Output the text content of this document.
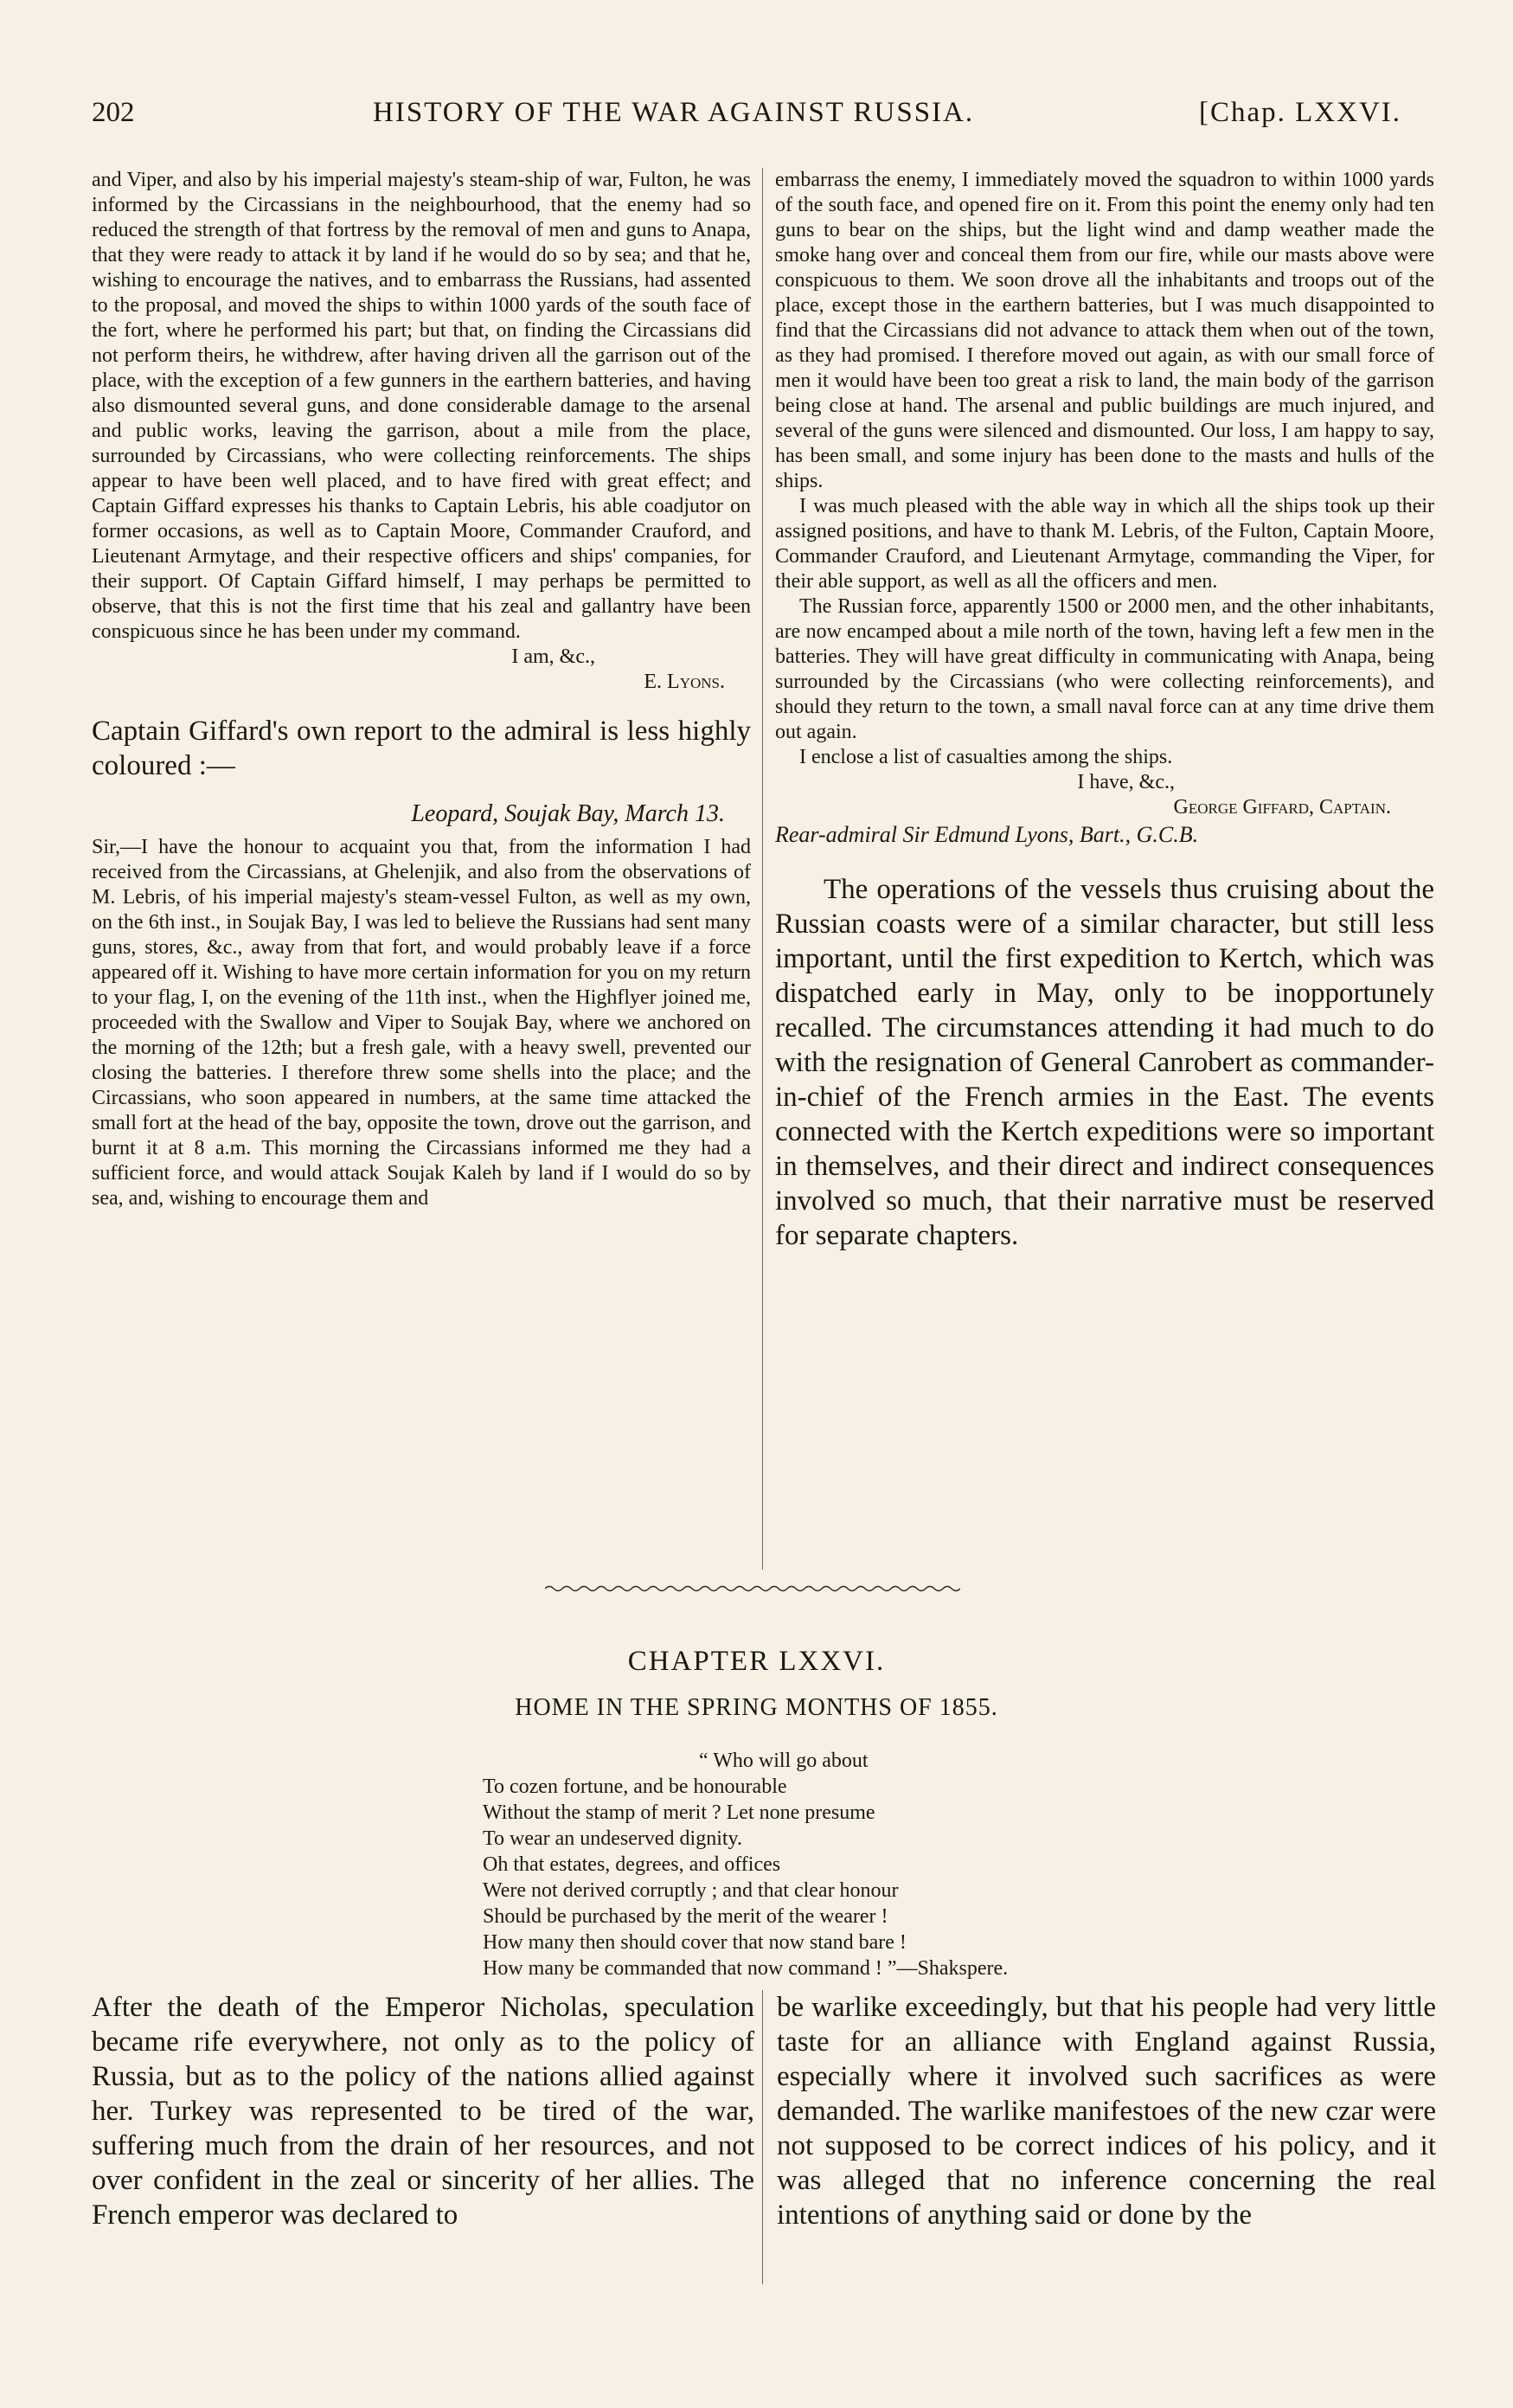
202	HISTORY OF THE WAR AGAINST RUSSIA.	[Chap. LXXVI.

and Viper, and also by his imperial majesty's steam-ship of war, Fulton, he was informed by the Circassians in the neighbourhood, that the enemy had so reduced the strength of that fortress by the removal of men and guns to Anapa, that they were ready to attack it by land if he would do so by sea; and that he, wishing to encourage the natives, and to embarrass the Russians, had assented to the proposal, and moved the ships to within 1000 yards of the south face of the fort, where he performed his part; but that, on finding the Circassians did not perform theirs, he withdrew, after having driven all the garrison out of the place, with the exception of a few gunners in the earthern batteries, and having also dismounted several guns, and done considerable damage to the arsenal and public works, leaving the garrison, about a mile from the place, surrounded by Circassians, who were collecting reinforcements. The ships appear to have been well placed, and to have fired with great effect; and Captain Giffard expresses his thanks to Captain Lebris, his able coadjutor on former occasions, as well as to Captain Moore, Commander Crauford, and Lieutenant Armytage, and their respective officers and ships' companies, for their support. Of Captain Giffard himself, I may perhaps be permitted to observe, that this is not the first time that his zeal and gallantry have been conspicuous since he has been under my command.

I am, &c.,

E. Lyons.

Captain Giffard's own report to the admiral is less highly coloured :—

Leopard, Soujak Bay, March 13.

Sir,—I have the honour to acquaint you that, from the information I had received from the Circassians, at Ghelenjik, and also from the observations of M. Lebris, of his imperial majesty's steam-vessel Fulton, as well as my own, on the 6th inst., in Soujak Bay, I was led to believe the Russians had sent many guns, stores, &c., away from that fort, and would probably leave if a force appeared off it. Wishing to have more certain information for you on my return to your flag, I, on the evening of the 11th inst., when the Highflyer joined me, proceeded with the Swallow and Viper to Soujak Bay, where we anchored on the morning of the 12th; but a fresh gale, with a heavy swell, prevented our closing the batteries. I therefore threw some shells into the place; and the Circassians, who soon appeared in numbers, at the same time attacked the small fort at the head of the bay, opposite the town, drove out the garrison, and burnt it at 8 a.m. This morning the Circassians informed me they had a sufficient force, and would attack Soujak Kaleh by land if I would do so by sea, and, wishing to encourage them and

embarrass the enemy, I immediately moved the squadron to within 1000 yards of the south face, and opened fire on it. From this point the enemy only had ten guns to bear on the ships, but the light wind and damp weather made the smoke hang over and conceal them from our fire, while our masts above were conspicuous to them. We soon drove all the inhabitants and troops out of the place, except those in the earthern batteries, but I was much disappointed to find that the Circassians did not advance to attack them when out of the town, as they had promised. I therefore moved out again, as with our small force of men it would have been too great a risk to land, the main body of the garrison being close at hand. The arsenal and public buildings are much injured, and several of the guns were silenced and dismounted. Our loss, I am happy to say, has been small, and some injury has been done to the masts and hulls of the ships.

I was much pleased with the able way in which all the ships took up their assigned positions, and have to thank M. Lebris, of the Fulton, Captain Moore, Commander Crauford, and Lieutenant Armytage, commanding the Viper, for their able support, as well as all the officers and men.

The Russian force, apparently 1500 or 2000 men, and the other inhabitants, are now encamped about a mile north of the town, having left a few men in the batteries. They will have great difficulty in communicating with Anapa, being surrounded by the Circassians (who were collecting reinforcements), and should they return to the town, a small naval force can at any time drive them out again.

I enclose a list of casualties among the ships.

I have, &c.,

George Giffard, Captain.

Rear-admiral Sir Edmund Lyons, Bart., G.C.B.

The operations of the vessels thus cruising about the Russian coasts were of a similar character, but still less important, until the first expedition to Kertch, which was dispatched early in May, only to be inopportunely recalled. The circumstances attending it had much to do with the resignation of General Canrobert as commander-in-chief of the French armies in the East. The events connected with the Kertch expeditions were so important in themselves, and their direct and indirect consequences involved so much, that their narrative must be reserved for separate chapters.

CHAPTER LXXVI.
HOME IN THE SPRING MONTHS OF 1855.
“ Who will go about
To cozen fortune, and be honourable
Without the stamp of merit ? Let none presume
To wear an undeserved dignity.
Oh that estates, degrees, and offices
Were not derived corruptly ; and that clear honour
Should be purchased by the merit of the wearer !
How many then should cover that now stand bare !
How many be commanded that now command ! ”—Shakspere.

After the death of the Emperor Nicholas, speculation became rife everywhere, not only as to the policy of Russia, but as to the policy of the nations allied against her. Turkey was represented to be tired of the war, suffering much from the drain of her resources, and not over confident in the zeal or sincerity of her allies. The French emperor was declared to

be warlike exceedingly, but that his people had very little taste for an alliance with England against Russia, especially where it involved such sacrifices as were demanded. The warlike manifestoes of the new czar were not supposed to be correct indices of his policy, and it was alleged that no inference concerning the real intentions of anything said or done by the
